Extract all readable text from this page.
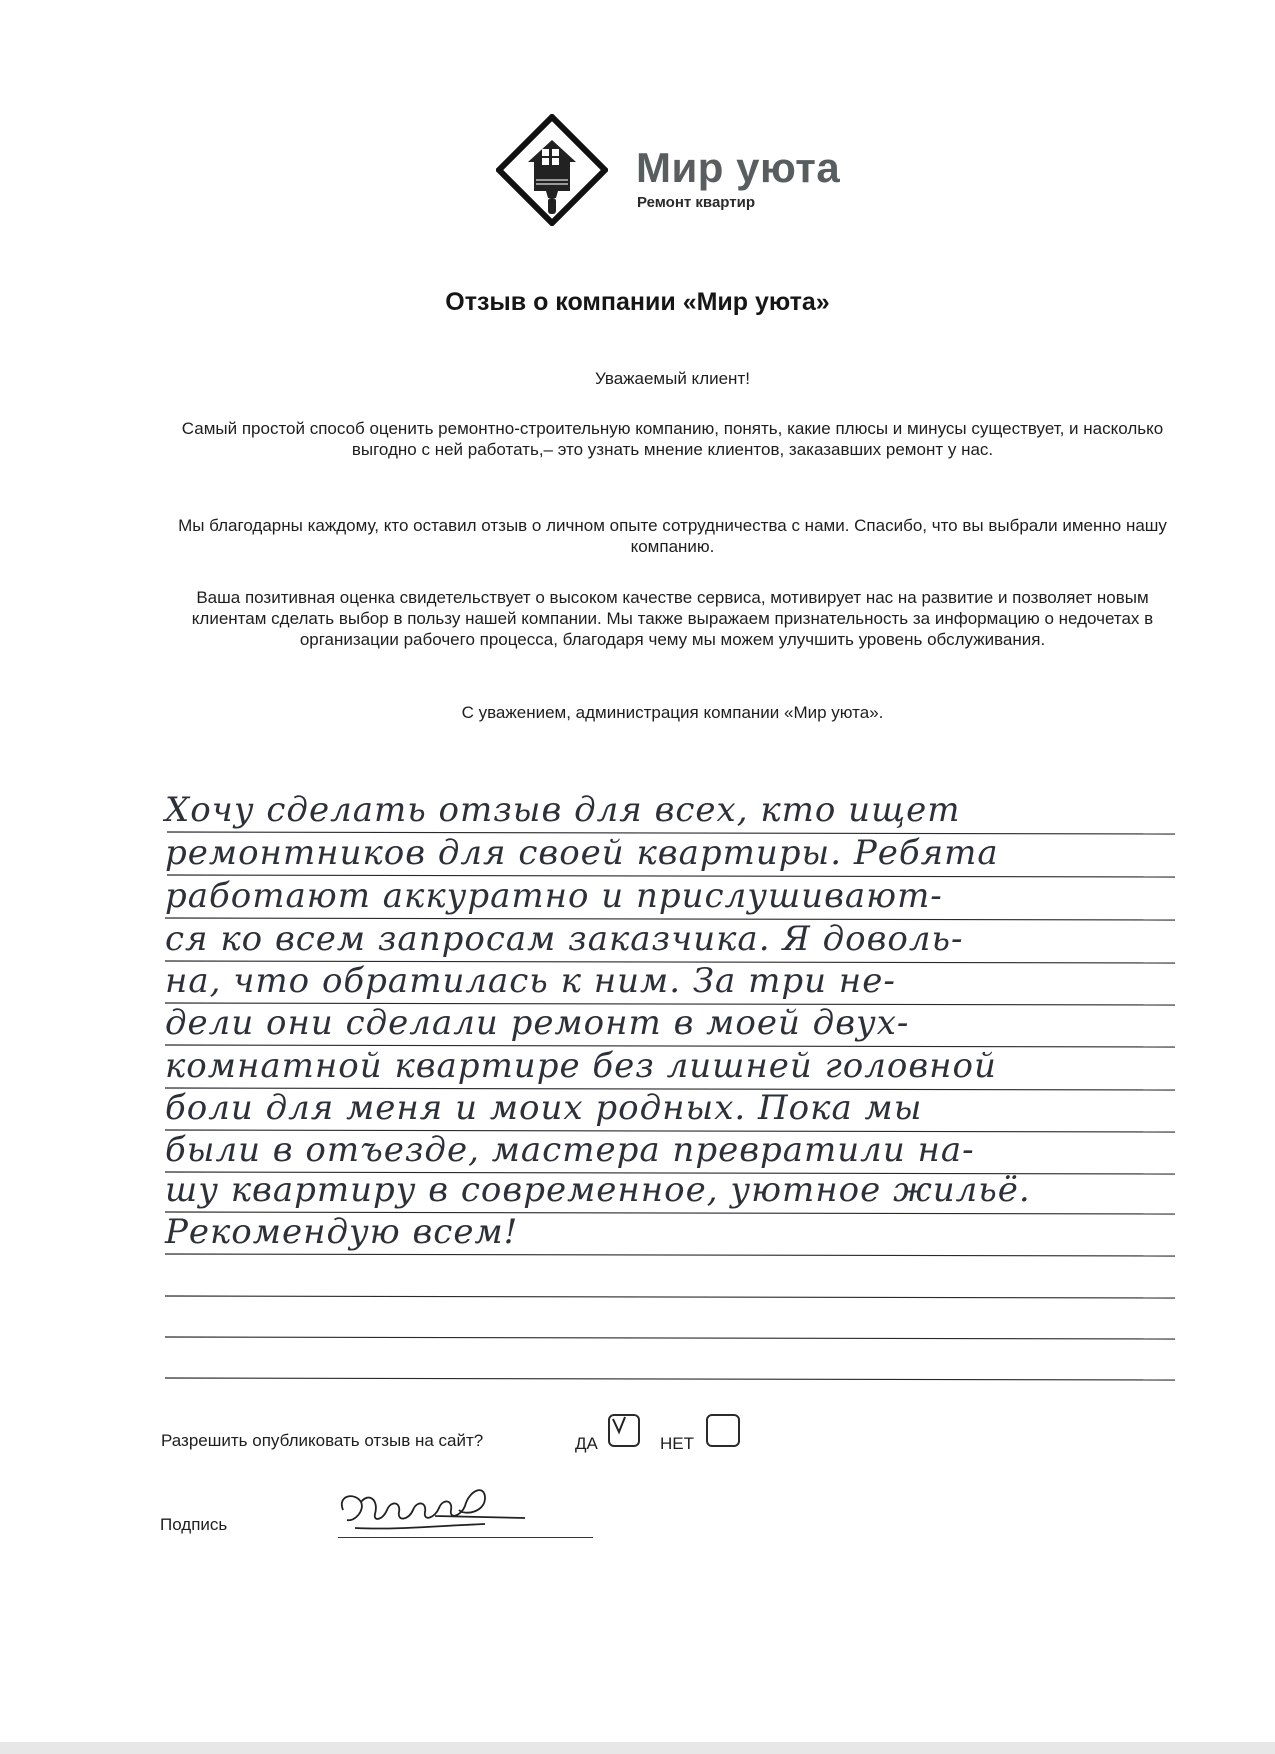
Мир уюта
Ремонт квартир
Отзыв о компании «Мир уюта»
Уважаемый клиент!
Самый простой способ оценить ремонтно-строительную компанию, понять, какие плюсы и минусы существует, и насколько выгодно с ней работать,– это узнать мнение клиентов, заказавших ремонт у нас.
Мы благодарны каждому, кто оставил отзыв о личном опыте сотрудничества с нами. Спасибо, что вы выбрали именно нашу компанию.
Ваша позитивная оценка свидетельствует о высоком качестве сервиса, мотивирует нас на развитие и позволяет новым клиентам сделать выбор в пользу нашей компании. Мы также выражаем признательность за информацию о недочетах в организации рабочего процесса, благодаря чему мы можем улучшить уровень обслуживания.
С уважением, администрация компании «Мир уюта».
Хочу сделать отзыв для всех, кто ищет
ремонтников для своей квартиры. Ребята
работают аккуратно и прислушивают-
ся ко всем запросам заказчика. Я доволь-
на, что обратилась к ним. За три не-
дели они сделали ремонт в моей двух-
комнатной квартире без лишней головной
боли для меня и моих родных. Пока мы
были в отъезде, мастера превратили на-
шу квартиру в современное, уютное жильё.
Рекомендую всем!
Разрешить опубликовать отзыв на сайт?	ДА	НЕТ
Подпись
